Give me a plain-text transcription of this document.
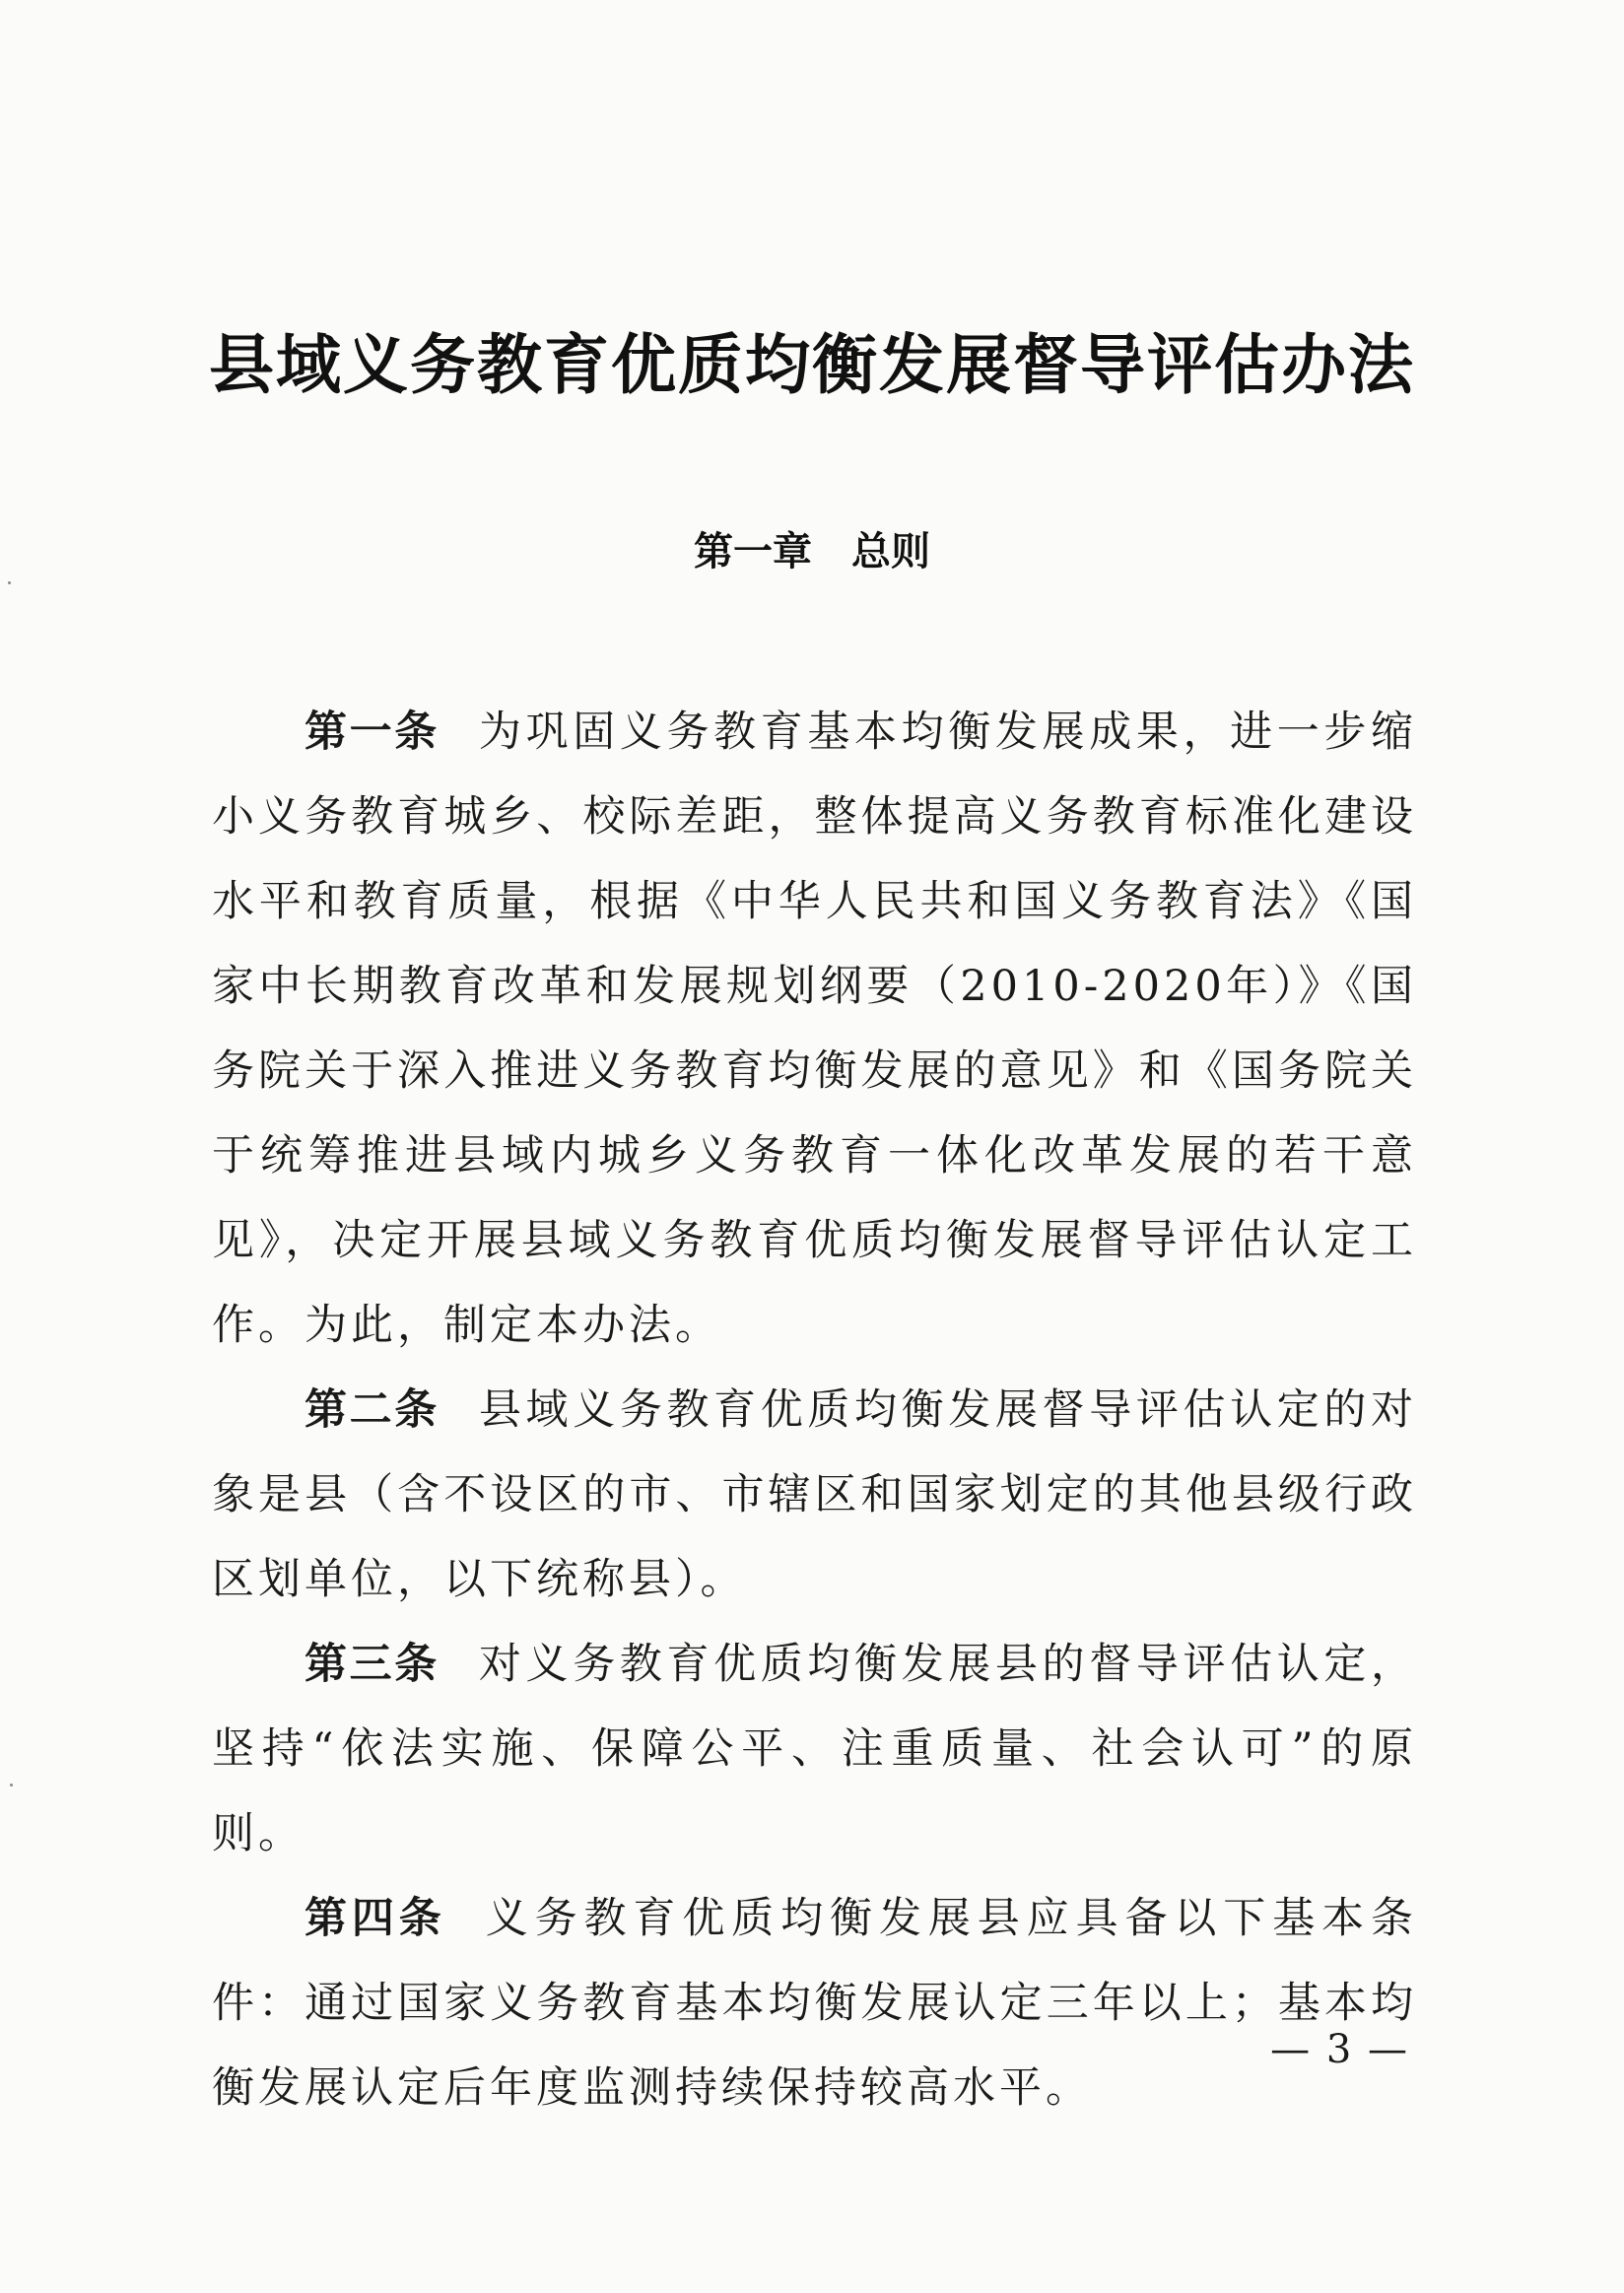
县域义务教育优质均衡发展督导评估办法
第一章　总则

第一条 为巩固义务教育基本均衡发展成果，进一步缩小义务教育城乡、校际差距，整体提高义务教育标准化建设水平和教育质量，根据《中华人民共和国义务教育法》《国家中长期教育改革和发展规划纲要（2010-2020年）》《国务院关于深入推进义务教育均衡发展的意见》和《国务院关于统筹推进县域内城乡义务教育一体化改革发展的若干意见》，决定开展县域义务教育优质均衡发展督导评估认定工作。为此，制定本办法。

第二条 县域义务教育优质均衡发展督导评估认定的对象是县（含不设区的市、市辖区和国家划定的其他县级行政区划单位，以下统称县）。

第三条 对义务教育优质均衡发展县的督导评估认定，坚持“依法实施、保障公平、注重质量、社会认可”的原则。

第四条 义务教育优质均衡发展县应具备以下基本条件：通过国家义务教育基本均衡发展认定三年以上；基本均衡发展认定后年度监测持续保持较高水平。

— 3 —
